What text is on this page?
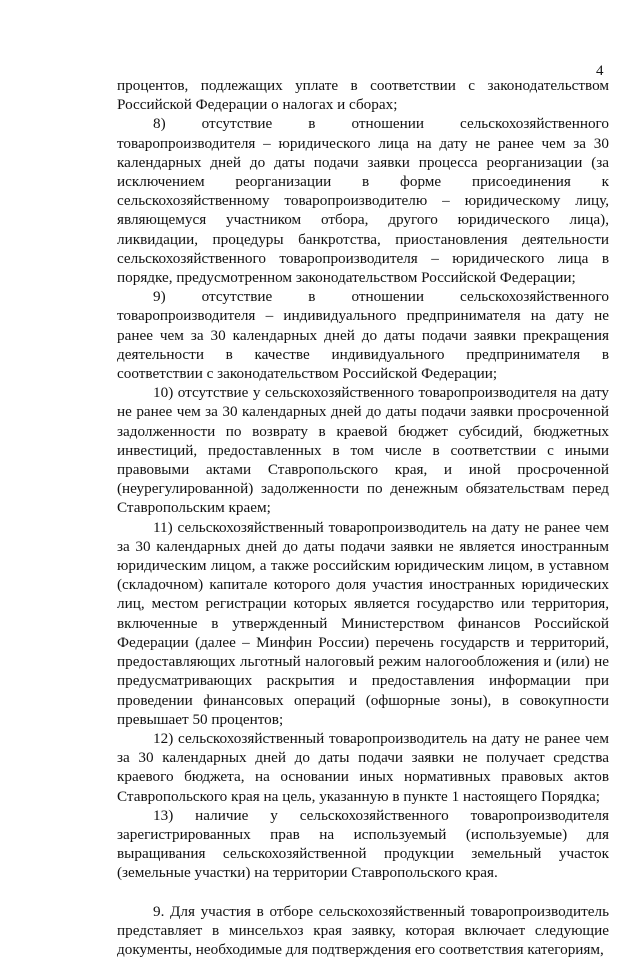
4

процентов, подлежащих уплате в соответствии с законодательством Российской Федерации о налогах и сборах;

8) отсутствие в отношении сельскохозяйственного товаропроизводителя – юридического лица на дату не ранее чем за 30 календарных дней до даты подачи заявки процесса реорганизации (за исключением реорганизации в форме присоединения к сельскохозяйственному товаропроизводителю – юридическому лицу, являющемуся участником отбора, другого юридического лица), ликвидации, процедуры банкротства, приостановления деятельности сельскохозяйственного товаропроизводителя – юридического лица в порядке, предусмотренном законодательством Российской Федерации;

9) отсутствие в отношении сельскохозяйственного товаропроизводителя – индивидуального предпринимателя на дату не ранее чем за 30 календарных дней до даты подачи заявки прекращения деятельности в качестве индивидуального предпринимателя в соответствии с законодательством Российской Федерации;

10) отсутствие у сельскохозяйственного товаропроизводителя на дату не ранее чем за 30 календарных дней до даты подачи заявки просроченной задолженности по возврату в краевой бюджет субсидий, бюджетных инвестиций, предоставленных в том числе в соответствии с иными правовыми актами Ставропольского края, и иной просроченной (неурегулированной) задолженности по денежным обязательствам перед Ставропольским краем;

11) сельскохозяйственный товаропроизводитель на дату не ранее чем за 30 календарных дней до даты подачи заявки не является иностранным юридическим лицом, а также российским юридическим лицом, в уставном (складочном) капитале которого доля участия иностранных юридических лиц, местом регистрации которых является государство или территория, включенные в утвержденный Министерством финансов Российской Федерации (далее – Минфин России) перечень государств и территорий, предоставляющих льготный налоговый режим налогообложения и (или) не предусматривающих раскрытия и предоставления информации при проведении финансовых операций (офшорные зоны), в совокупности превышает 50 процентов;

12) сельскохозяйственный товаропроизводитель на дату не ранее чем за 30 календарных дней до даты подачи заявки не получает средства краевого бюджета, на основании иных нормативных правовых актов Ставропольского края на цель, указанную в пункте 1 настоящего Порядка;

13) наличие у сельскохозяйственного товаропроизводителя зарегистрированных прав на используемый (используемые) для выращивания сельскохозяйственной продукции земельный участок (земельные участки) на территории Ставропольского края.

9. Для участия в отборе сельскохозяйственный товаропроизводитель представляет в минсельхоз края заявку, которая включает следующие документы, необходимые для подтверждения его соответствия категориям,
